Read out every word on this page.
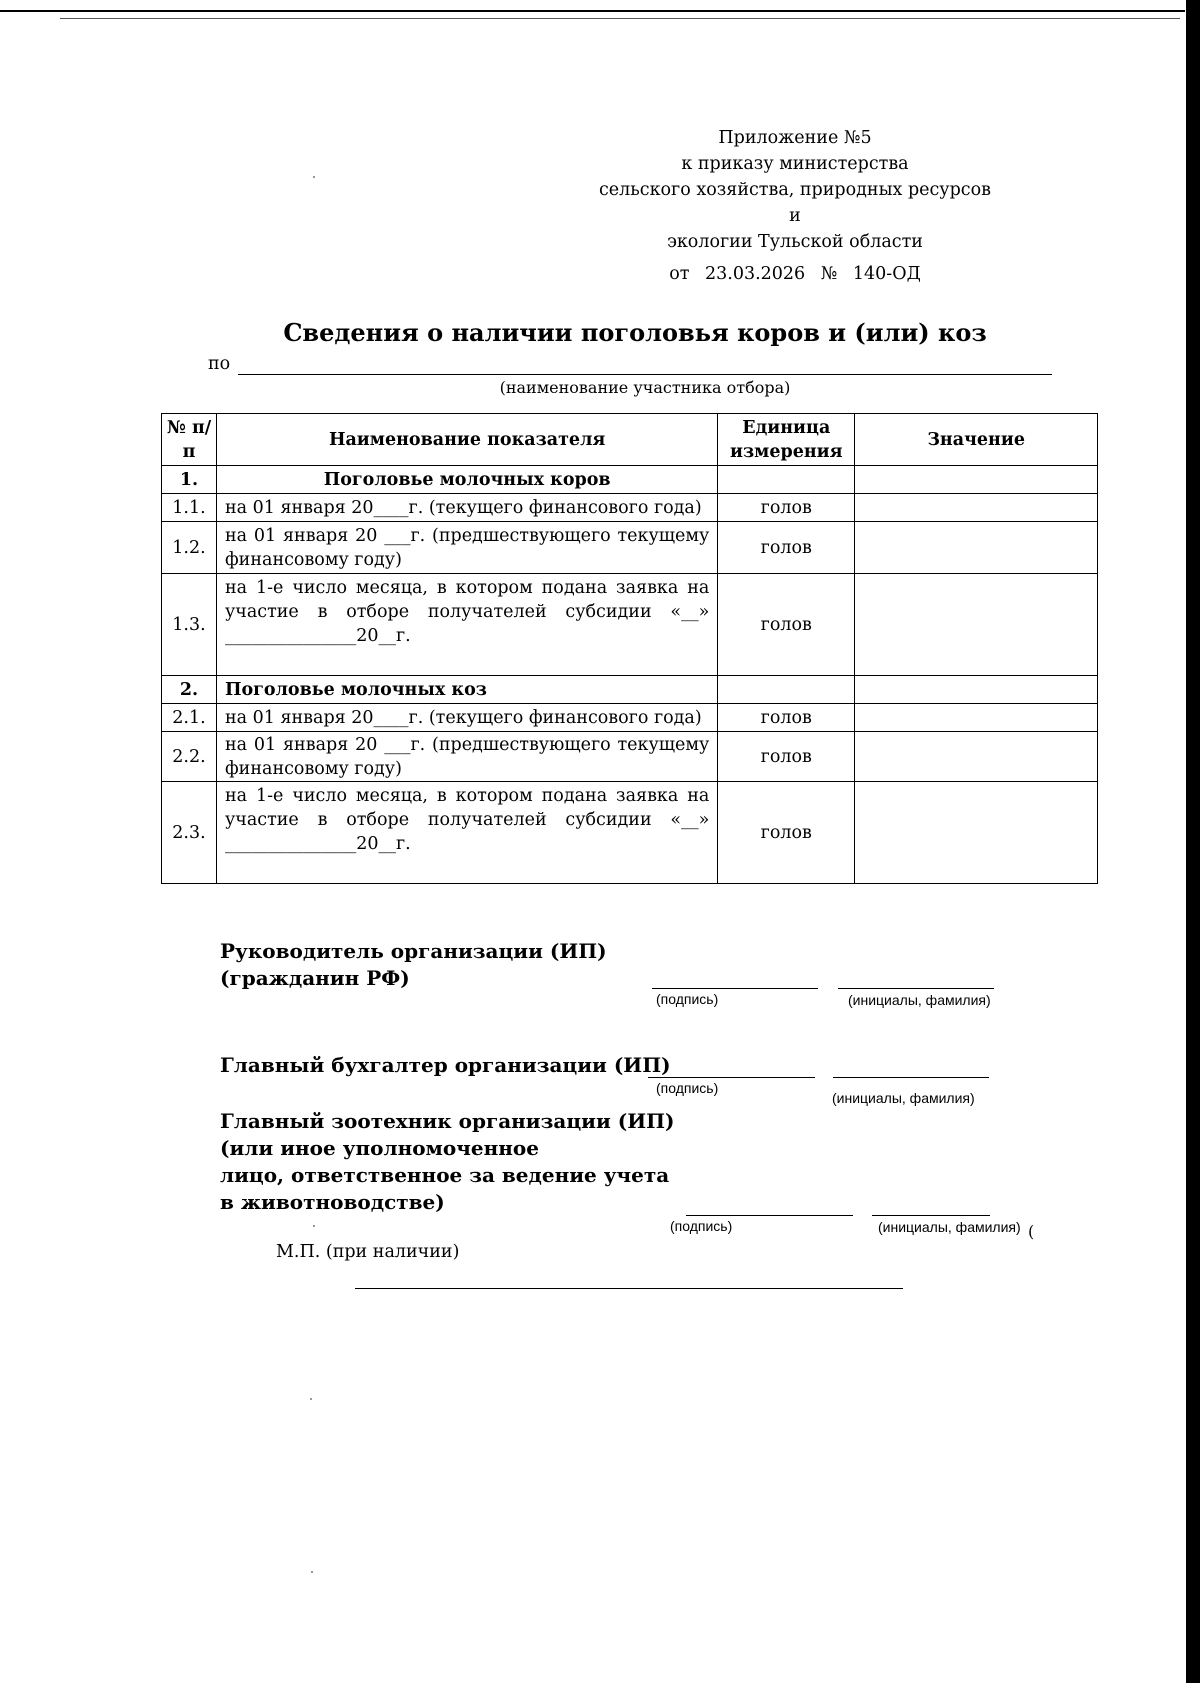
Приложение №5
к приказу министерства
сельского хозяйства, природных ресурсов и
экологии Тульской области
от 23.03.2026 № 140-ОД
Сведения о наличии поголовья коров и (или) коз
по
(наименование участника отбора)
№ п/п	Наименование показателя	Единица измерения	Значение
1.	Поголовье молочных коров		
1.1.	на 01 января 20____г. (текущего финансового года)	голов	
1.2.	на 01 января 20 ___г. (предшествующего текущему финансовому году)	голов	
1.3.	на 1-е число месяца, в котором подана заявка на участие в отборе получателей субсидии «__» _______________20__г.	голов	
2.	Поголовье молочных коз		
2.1.	на 01 января 20____г. (текущего финансового года)	голов	
2.2.	на 01 января 20 ___г. (предшествующего текущему финансовому году)	голов	
2.3.	на 1-е число месяца, в котором подана заявка на участие в отборе получателей субсидии «__» _______________20__г.	голов	
Руководитель организации (ИП)
(гражданин РФ)
(подпись)	(инициалы, фамилия)
Главный бухгалтер организации (ИП)
(подпись)
(инициалы, фамилия)
Главный зоотехник организации (ИП)
(или иное уполномоченное
лицо, ответственное за ведение учета
в животноводстве)
(подпись)	(инициалы, фамилия) (
М.П. (при наличии)
